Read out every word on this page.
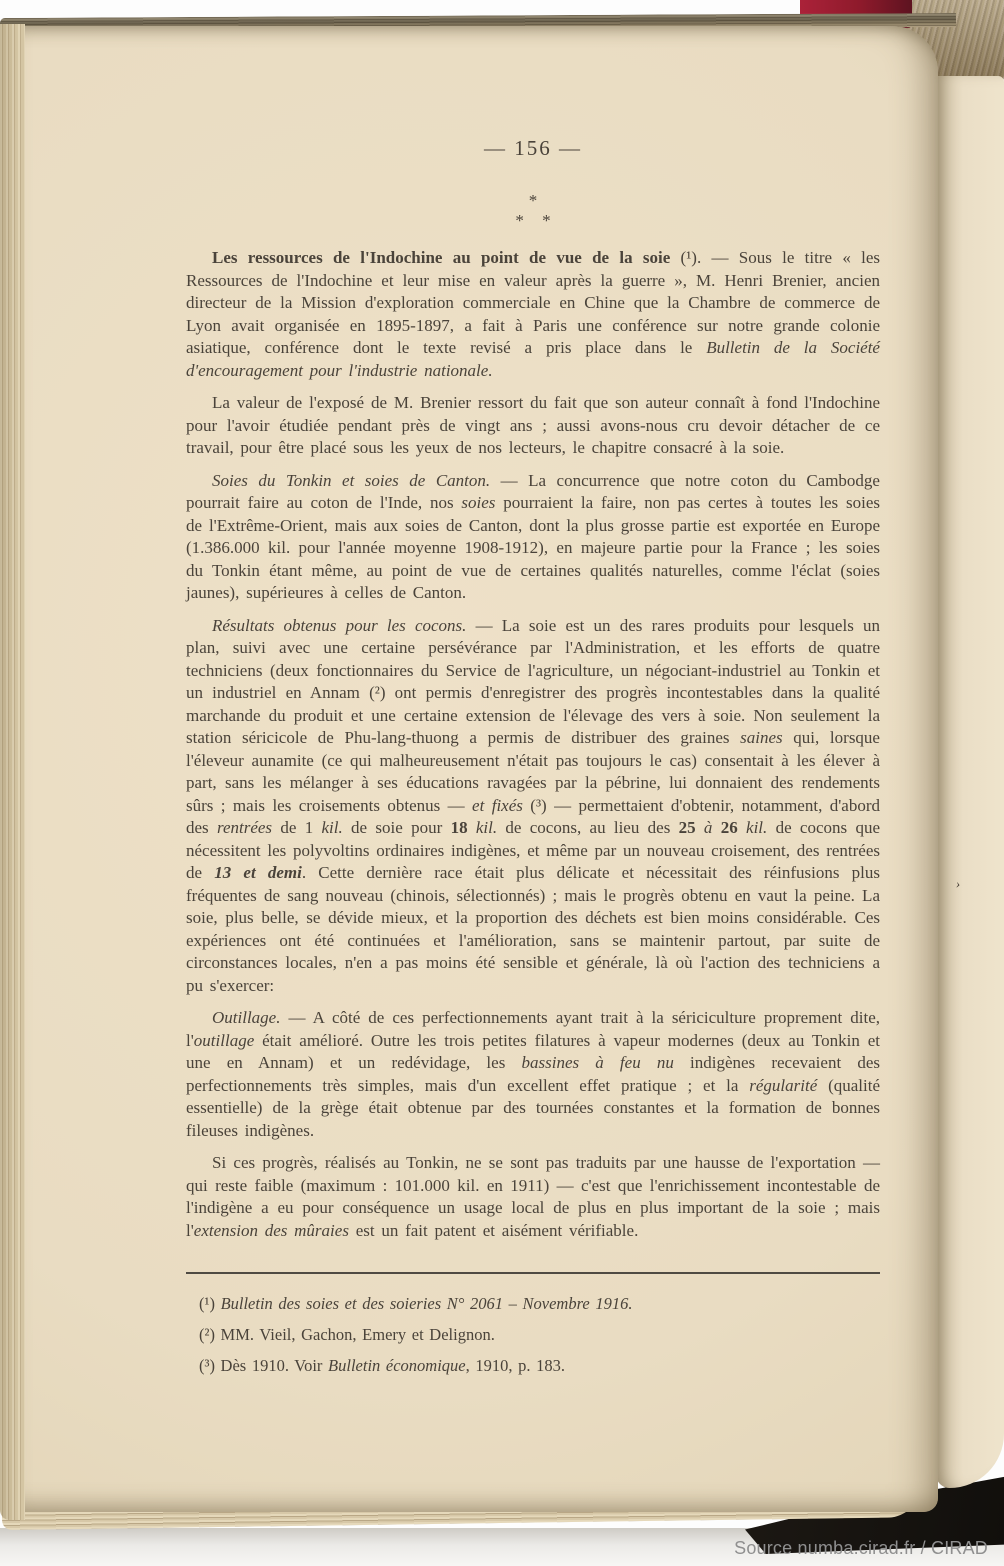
— 156 —
*
* *

Les ressources de l'Indochine au point de vue de la soie (¹). — Sous le titre « les Ressources de l'Indochine et leur mise en valeur après la guerre », M. Henri Brenier, ancien directeur de la Mission d'exploration commerciale en Chine que la Chambre de commerce de Lyon avait organisée en 1895-1897, a fait à Paris une conférence sur notre grande colonie asiatique, conférence dont le texte revisé a pris place dans le Bulletin de la Société d'encouragement pour l'industrie nationale.

La valeur de l'exposé de M. Brenier ressort du fait que son auteur connaît à fond l'Indochine pour l'avoir étudiée pendant près de vingt ans ; aussi avons-nous cru devoir détacher de ce travail, pour être placé sous les yeux de nos lecteurs, le chapitre consacré à la soie.

Soies du Tonkin et soies de Canton. — La concurrence que notre coton du Cambodge pourrait faire au coton de l'Inde, nos soies pourraient la faire, non pas certes à toutes les soies de l'Extrême-Orient, mais aux soies de Canton, dont la plus grosse partie est exportée en Europe (1.386.000 kil. pour l'année moyenne 1908-1912), en majeure partie pour la France ; les soies du Tonkin étant même, au point de vue de certaines qualités naturelles, comme l'éclat (soies jaunes), supérieures à celles de Canton.

Résultats obtenus pour les cocons. — La soie est un des rares produits pour lesquels un plan, suivi avec une certaine persévérance par l'Administration, et les efforts de quatre techniciens (deux fonctionnaires du Service de l'agriculture, un négociant-industriel au Tonkin et un industriel en Annam (²) ont permis d'enregistrer des progrès incontestables dans la qualité marchande du produit et une certaine extension de l'élevage des vers à soie. Non seulement la station séricicole de Phu-lang-thuong a permis de distribuer des graines saines qui, lorsque l'éleveur aunamite (ce qui malheureusement n'était pas toujours le cas) consentait à les élever à part, sans les mélanger à ses éducations ravagées par la pébrine, lui donnaient des rendements sûrs ; mais les croisements obtenus — et fixés (³) — permettaient d'obtenir, notamment, d'abord des rentrées de 1 kil. de soie pour 18 kil. de cocons, au lieu des 25 à 26 kil. de cocons que nécessitent les polyvoltins ordinaires indigènes, et même par un nouveau croisement, des rentrées de 13 et demi. Cette dernière race était plus délicate et nécessitait des réinfusions plus fréquentes de sang nouveau (chinois, sélectionnés) ; mais le progrès obtenu en vaut la peine. La soie, plus belle, se dévide mieux, et la proportion des déchets est bien moins considérable. Ces expériences ont été continuées et l'amélioration, sans se maintenir partout, par suite de circonstances locales, n'en a pas moins été sensible et générale, là où l'action des techniciens a pu s'exercer:

Outillage. — A côté de ces perfectionnements ayant trait à la sériciculture proprement dite, l'outillage était amélioré. Outre les trois petites filatures à vapeur modernes (deux au Tonkin et une en Annam) et un redévidage, les bassines à feu nu indigènes recevaient des perfectionnements très simples, mais d'un excellent effet pratique ; et la régularité (qualité essentielle) de la grège était obtenue par des tournées constantes et la formation de bonnes fileuses indigènes.

Si ces progrès, réalisés au Tonkin, ne se sont pas traduits par une hausse de l'exportation — qui reste faible (maximum : 101.000 kil. en 1911) — c'est que l'enrichissement incontestable de l'indigène a eu pour conséquence un usage local de plus en plus important de la soie ; mais l'extension des mûraies est un fait patent et aisément vérifiable.

(¹) Bulletin des soies et des soieries N° 2061 – Novembre 1916.

(²) MM. Vieil, Gachon, Emery et Delignon.

(³) Dès 1910. Voir Bulletin économique, 1910, p. 183.

›
Source numba.cirad.fr / CIRAD
